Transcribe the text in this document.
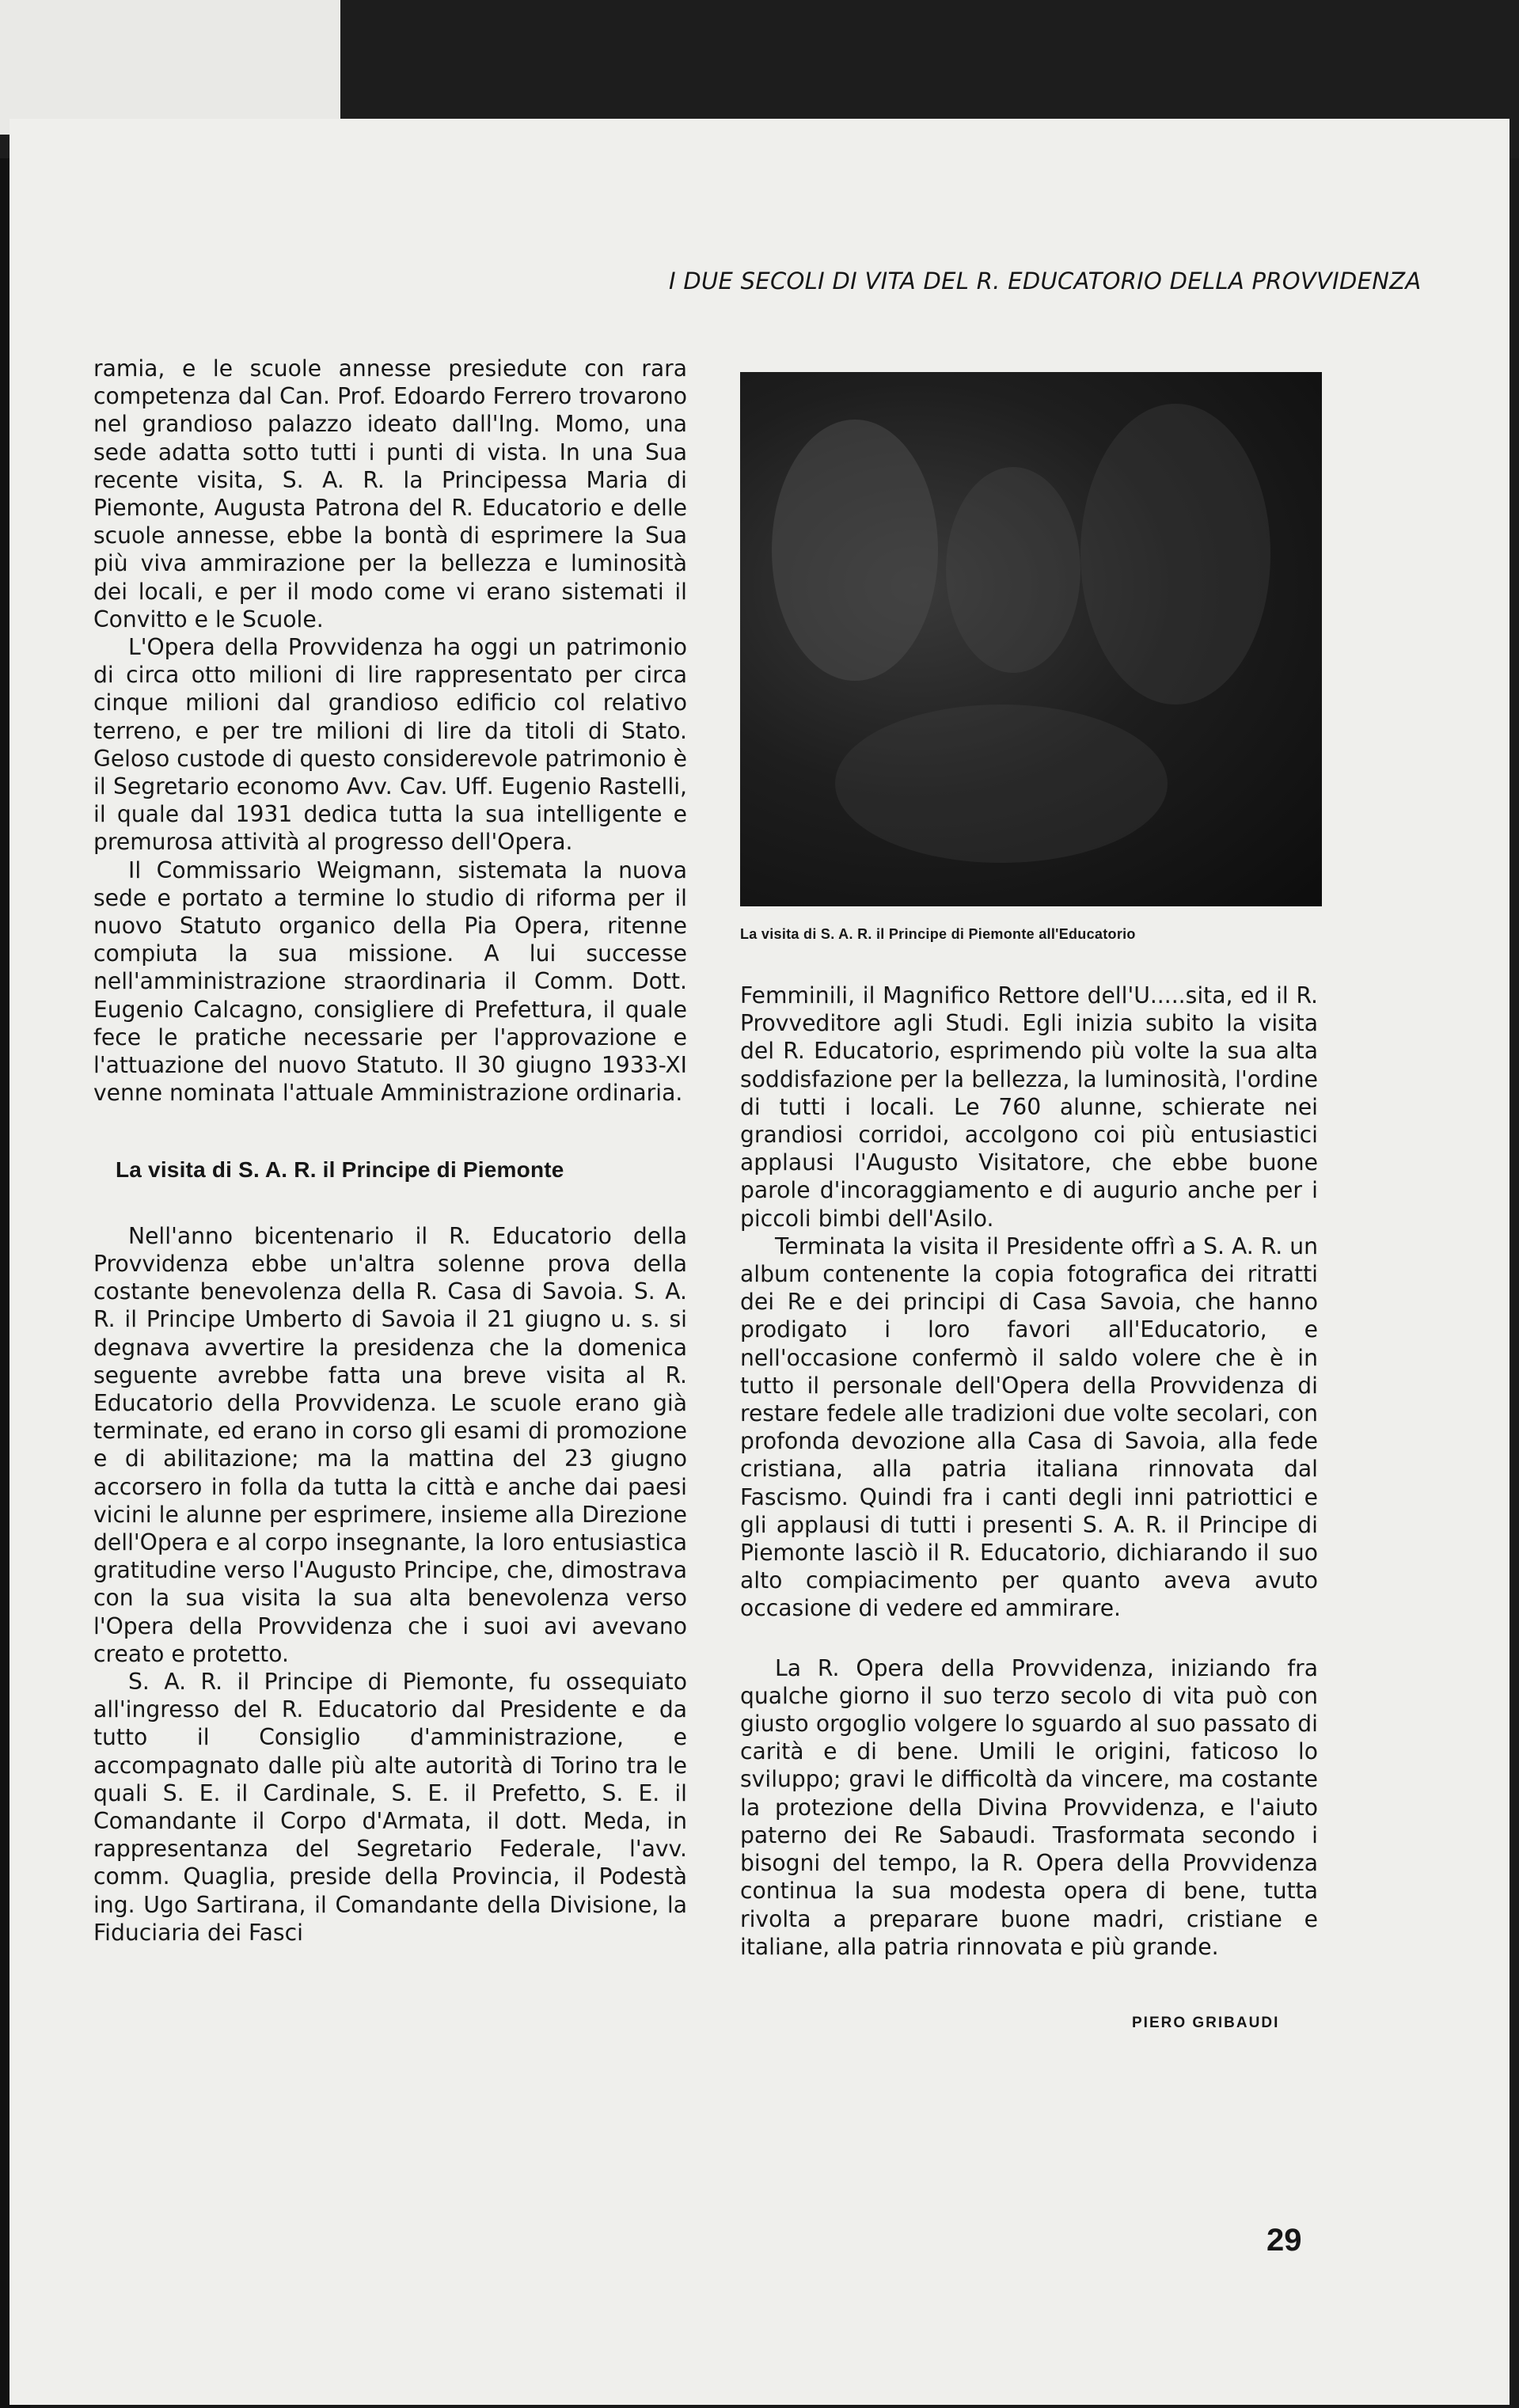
I DUE SECOLI DI VITA DEL R. EDUCATORIO DELLA PROVVIDENZA

ramia, e le scuole annesse presiedute con rara competenza dal Can. Prof. Edoardo Ferrero trovarono nel grandioso palazzo ideato dall'Ing. Momo, una sede adatta sotto tutti i punti di vista. In una Sua recente visita, S. A. R. la Principessa Maria di Piemonte, Augusta Patrona del R. Educatorio e delle scuole annesse, ebbe la bontà di esprimere la Sua più viva ammirazione per la bellezza e luminosità dei locali, e per il modo come vi erano sistemati il Convitto e le Scuole.

L'Opera della Provvidenza ha oggi un patrimonio di circa otto milioni di lire rappresentato per circa cinque milioni dal grandioso edificio col relativo terreno, e per tre milioni di lire da titoli di Stato. Geloso custode di questo considerevole patrimonio è il Segretario economo Avv. Cav. Uff. Eugenio Rastelli, il quale dal 1931 dedica tutta la sua intelligente e premurosa attività al progresso dell'Opera.

Il Commissario Weigmann, sistemata la nuova sede e portato a termine lo studio di riforma per il nuovo Statuto organico della Pia Opera, ritenne compiuta la sua missione. A lui successe nell'amministrazione straordinaria il Comm. Dott. Eugenio Calcagno, consigliere di Prefettura, il quale fece le pratiche necessarie per l'approvazione e l'attuazione del nuovo Statuto. Il 30 giugno 1933-XI venne nominata l'attuale Amministrazione ordinaria.

La visita di S. A. R. il Principe di Piemonte

Nell'anno bicentenario il R. Educatorio della Provvidenza ebbe un'altra solenne prova della costante benevolenza della R. Casa di Savoia. S. A. R. il Principe Umberto di Savoia il 21 giugno u. s. si degnava avvertire la presidenza che la domenica seguente avrebbe fatta una breve visita al R. Educatorio della Provvidenza. Le scuole erano già terminate, ed erano in corso gli esami di promozione e di abilitazione; ma la mattina del 23 giugno accorsero in folla da tutta la città e anche dai paesi vicini le alunne per esprimere, insieme alla Direzione dell'Opera e al corpo insegnante, la loro entusiastica gratitudine verso l'Augusto Principe, che, dimostrava con la sua visita la sua alta benevolenza verso l'Opera della Provvidenza che i suoi avi avevano creato e protetto.

S. A. R. il Principe di Piemonte, fu ossequiato all'ingresso del R. Educatorio dal Presidente e da tutto il Consiglio d'amministrazione, e accompagnato dalle più alte autorità di Torino tra le quali S. E. il Cardinale, S. E. il Prefetto, S. E. il Comandante il Corpo d'Armata, il dott. Meda, in rappresentanza del Segretario Federale, l'avv. comm. Quaglia, preside della Provincia, il Podestà ing. Ugo Sartirana, il Comandante della Divisione, la Fiduciaria dei Fasci

La visita di S. A. R. il Principe di Piemonte all'Educatorio

Femminili, il Magnifico Rettore dell'U.....sita, ed il R. Provveditore agli Studi. Egli inizia subito la visita del R. Educatorio, esprimendo più volte la sua alta soddisfazione per la bellezza, la luminosità, l'ordine di tutti i locali. Le 760 alunne, schierate nei grandiosi corridoi, accolgono coi più entusiastici applausi l'Augusto Visitatore, che ebbe buone parole d'incoraggiamento e di augurio anche per i piccoli bimbi dell'Asilo.

Terminata la visita il Presidente offrì a S. A. R. un album contenente la copia fotografica dei ritratti dei Re e dei principi di Casa Savoia, che hanno prodigato i loro favori all'Educatorio, e nell'occasione confermò il saldo volere che è in tutto il personale dell'Opera della Provvidenza di restare fedele alle tradizioni due volte secolari, con profonda devozione alla Casa di Savoia, alla fede cristiana, alla patria italiana rinnovata dal Fascismo. Quindi fra i canti degli inni patriottici e gli applausi di tutti i presenti S. A. R. il Principe di Piemonte lasciò il R. Educatorio, dichiarando il suo alto compiacimento per quanto aveva avuto occasione di vedere ed ammirare.

La R. Opera della Provvidenza, iniziando fra qualche giorno il suo terzo secolo di vita può con giusto orgoglio volgere lo sguardo al suo passato di carità e di bene. Umili le origini, faticoso lo sviluppo; gravi le difficoltà da vincere, ma costante la protezione della Divina Provvidenza, e l'aiuto paterno dei Re Sabaudi. Trasformata secondo i bisogni del tempo, la R. Opera della Provvidenza continua la sua modesta opera di bene, tutta rivolta a preparare buone madri, cristiane e italiane, alla patria rinnovata e più grande.

PIERO GRIBAUDI
29
